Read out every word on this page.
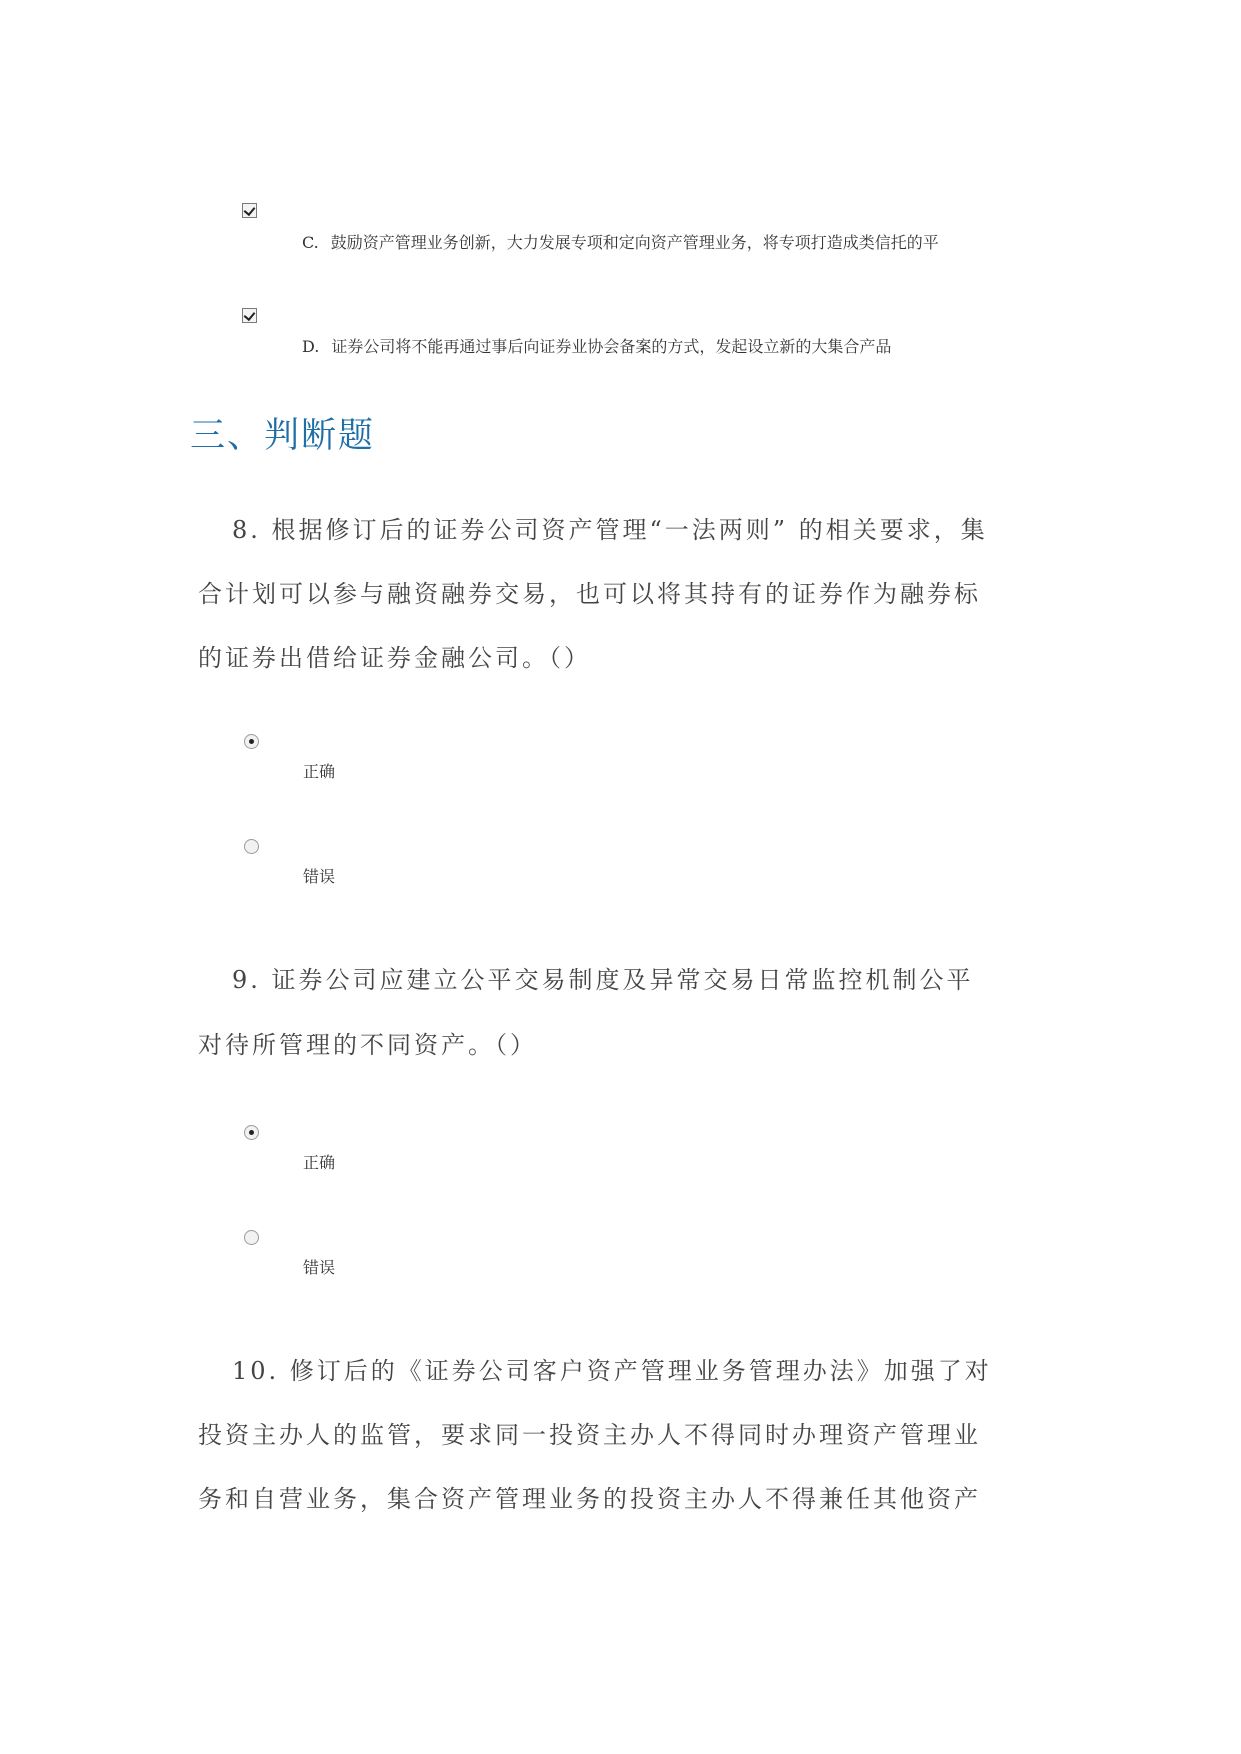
C. 鼓励资产管理业务创新，大力发展专项和定向资产管理业务，将专项打造成类信托的平
D. 证券公司将不能再通过事后向证券业协会备案的方式，发起设立新的大集合产品
三、判断题
8. 根据修订后的证券公司资产管理“一法两则” 的相关要求，集
合计划可以参与融资融券交易，也可以将其持有的证券作为融券标
的证券出借给证券金融公司。（）
正确
错误
9. 证券公司应建立公平交易制度及异常交易日常监控机制公平
对待所管理的不同资产。（）
正确
错误
10. 修订后的《证券公司客户资产管理业务管理办法》加强了对
投资主办人的监管，要求同一投资主办人不得同时办理资产管理业
务和自营业务，集合资产管理业务的投资主办人不得兼任其他资产
